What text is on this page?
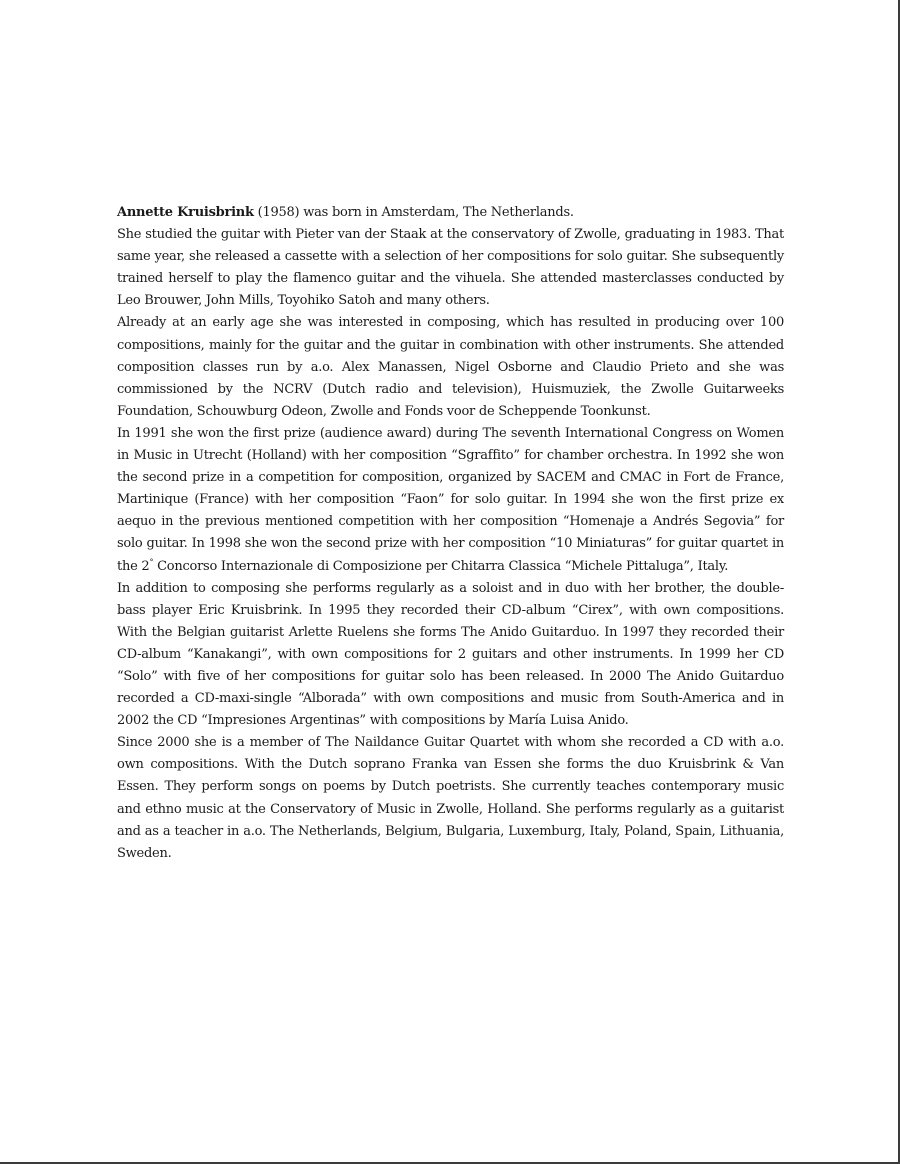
Annette Kruisbrink (1958) was born in Amsterdam, The Netherlands.

She studied the guitar with Pieter van der Staak at the conservatory of Zwolle, graduating in 1983. That same year, she released a cassette with a selection of her compositions for solo guitar. She subsequently trained herself to play the flamenco guitar and the vihuela. She attended masterclasses conducted by Leo Brouwer, John Mills, Toyohiko Satoh and many others.

Already at an early age she was interested in composing, which has resulted in producing over 100 compositions, mainly for the guitar and the guitar in combination with other instruments. She attended composition classes run by a.o. Alex Manassen, Nigel Osborne and Claudio Prieto and she was commissioned by the NCRV (Dutch radio and television), Huismuziek, the Zwolle Guitarweeks Foundation, Schouwburg Odeon, Zwolle and Fonds voor de Scheppende Toonkunst.

In 1991 she won the first prize (audience award) during The seventh International Congress on Women in Music in Utrecht (Holland) with her composition “Sgraffito” for chamber orchestra. In 1992 she won the second prize in a competition for composition, organized by SACEM and CMAC in Fort de France, Martinique (France) with her composition “Faon” for solo guitar. In 1994 she won the first prize ex aequo in the previous mentioned competition with her composition “Homenaje a Andrés Segovia” for solo guitar. In 1998 she won the second prize with her composition “10 Miniaturas” for guitar quartet in the 2° Concorso Internazionale di Composizione per Chitarra Classica “Michele Pittaluga”, Italy.

In addition to composing she performs regularly as a soloist and in duo with her brother, the double-bass player Eric Kruisbrink. In 1995 they recorded their CD-album “Cirex”, with own compositions. With the Belgian guitarist Arlette Ruelens she forms The Anido Guitarduo. In 1997 they recorded their CD-album “Kanakangi”, with own compositions for 2 guitars and other instruments. In 1999 her CD “Solo” with five of her compositions for guitar solo has been released. In 2000 The Anido Guitarduo recorded a CD-maxi-single “Alborada” with own compositions and music from South-America and in 2002 the CD “Impresiones Argentinas” with compositions by María Luisa Anido.

Since 2000 she is a member of The Naildance Guitar Quartet with whom she recorded a CD with a.o. own compositions. With the Dutch soprano Franka van Essen she forms the duo Kruisbrink & Van Essen. They perform songs on poems by Dutch poetrists. She currently teaches contemporary music and ethno music at the Conservatory of Music in Zwolle, Holland. She performs regularly as a guitarist and as a teacher in a.o. The Netherlands, Belgium, Bulgaria, Luxemburg, Italy, Poland, Spain, Lithuania, Sweden.
